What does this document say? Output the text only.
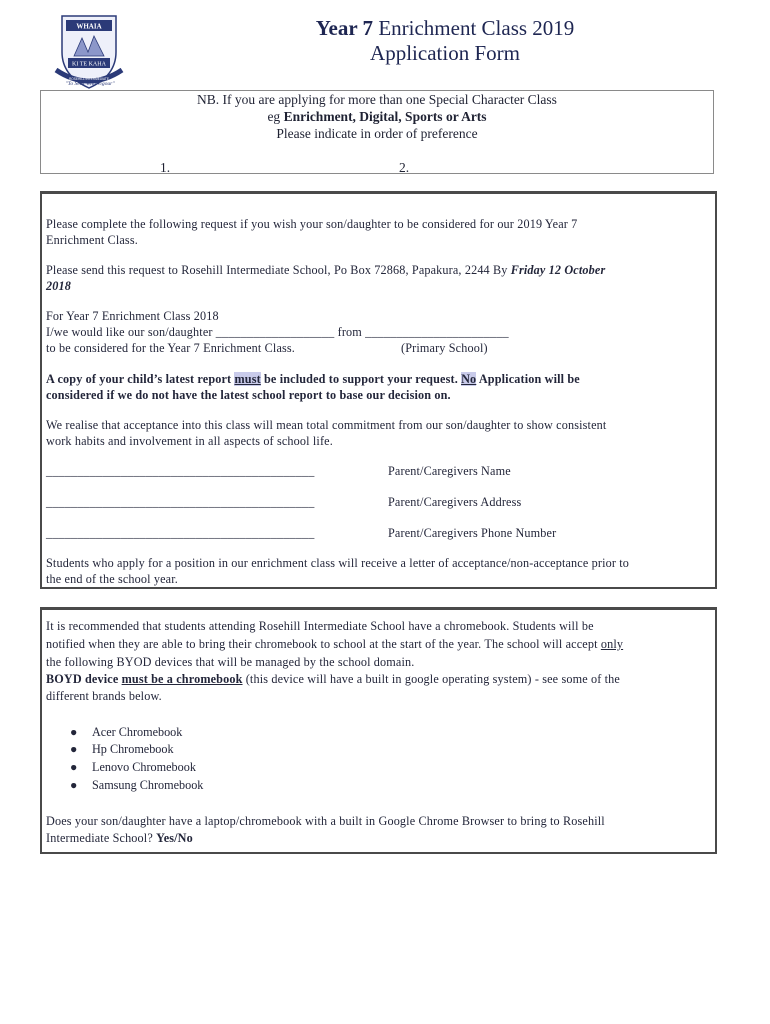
WHAIA
KI TE KAHA
ROSEHILL INTERMEDIATE
"To Seek With Vigour"
Year 7 Enrichment Class 2019
Application Form
NB. If you are applying for more than one Special Character Class
eg Enrichment, Digital, Sports or Arts
Please indicate in order of preference
1.	2.
Please complete the following request if you wish your son/daughter to be considered for our 2019 Year 7
Enrichment Class.
Please send this request to Rosehill Intermediate School, Po Box 72868, Papakura, 2244 By Friday 12 October
2018
For Year 7 Enrichment Class 2018
I/we would like our son/daughter ___________________ from _______________________
to be considered for the Year 7 Enrichment Class.	(Primary School)
A copy of your child’s latest report must be included to support your request. No Application will be
considered if we do not have the latest school report to base our decision on.
We realise that acceptance into this class will mean total commitment from our son/daughter to show consistent
work habits and involvement in all aspects of school life.
___________________________________________	Parent/Caregivers Name
___________________________________________	Parent/Caregivers Address
___________________________________________	Parent/Caregivers Phone Number
Students who apply for a position in our enrichment class will receive a letter of acceptance/non-acceptance prior to
the end of the school year.
It is recommended that students attending Rosehill Intermediate School have a chromebook. Students will be
notified when they are able to bring their chromebook to school at the start of the year. The school will accept only
the following BYOD devices that will be managed by the school domain.
BOYD device must be a chromebook (this device will have a built in google operating system) - see some of the
different brands below.
● Acer Chromebook
● Hp Chromebook
● Lenovo Chromebook
● Samsung Chromebook
Does your son/daughter have a laptop/chromebook with a built in Google Chrome Browser to bring to Rosehill
Intermediate School? Yes/No
